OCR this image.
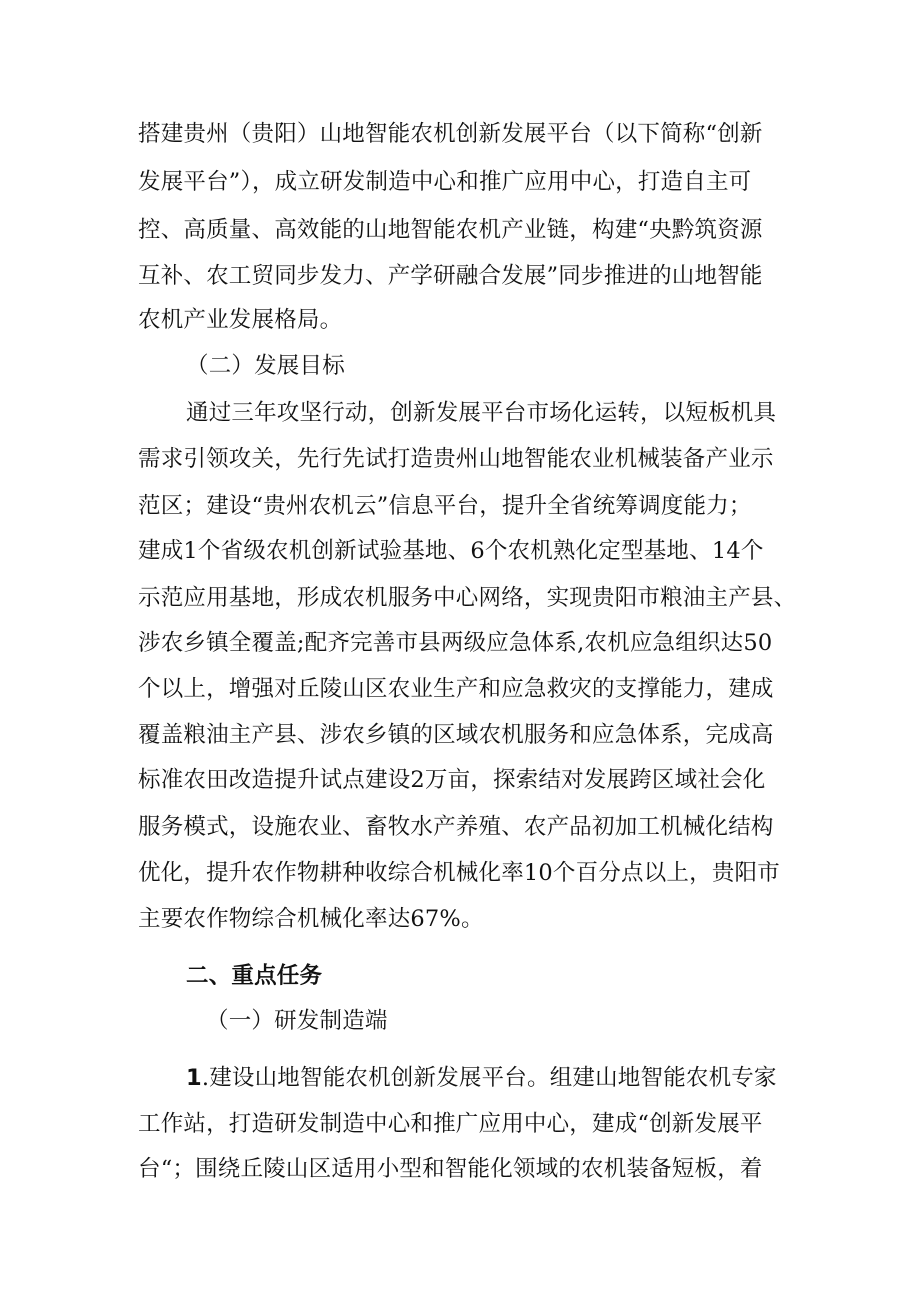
搭建贵州（贵阳）山地智能农机创新发展平台（以下简称“创新
发展平台”），成立研发制造中心和推广应用中心，打造自主可
控、高质量、高效能的山地智能农机产业链，构建“央黔筑资源
互补、农工贸同步发力、产学研融合发展”同步推进的山地智能
农机产业发展格局。
（二）发展目标
通过三年攻坚行动，创新发展平台市场化运转，以短板机具
需求引领攻关，先行先试打造贵州山地智能农业机械装备产业示
范区；建设“贵州农机云”信息平台，提升全省统筹调度能力；
建成1个省级农机创新试验基地、6个农机熟化定型基地、14个
示范应用基地，形成农机服务中心网络，实现贵阳市粮油主产县、
涉农乡镇全覆盖;配齐完善市县两级应急体系,农机应急组织达50
个以上，增强对丘陵山区农业生产和应急救灾的支撑能力，建成
覆盖粮油主产县、涉农乡镇的区域农机服务和应急体系，完成高
标准农田改造提升试点建设2万亩，探索结对发展跨区域社会化
服务模式，设施农业、畜牧水产养殖、农产品初加工机械化结构
优化，提升农作物耕种收综合机械化率10个百分点以上，贵阳市
主要农作物综合机械化率达67%。
二、重点任务
（一）研发制造端
1.建设山地智能农机创新发展平台。组建山地智能农机专家
工作站，打造研发制造中心和推广应用中心，建成“创新发展平
台“；围绕丘陵山区适用小型和智能化领域的农机装备短板，着
